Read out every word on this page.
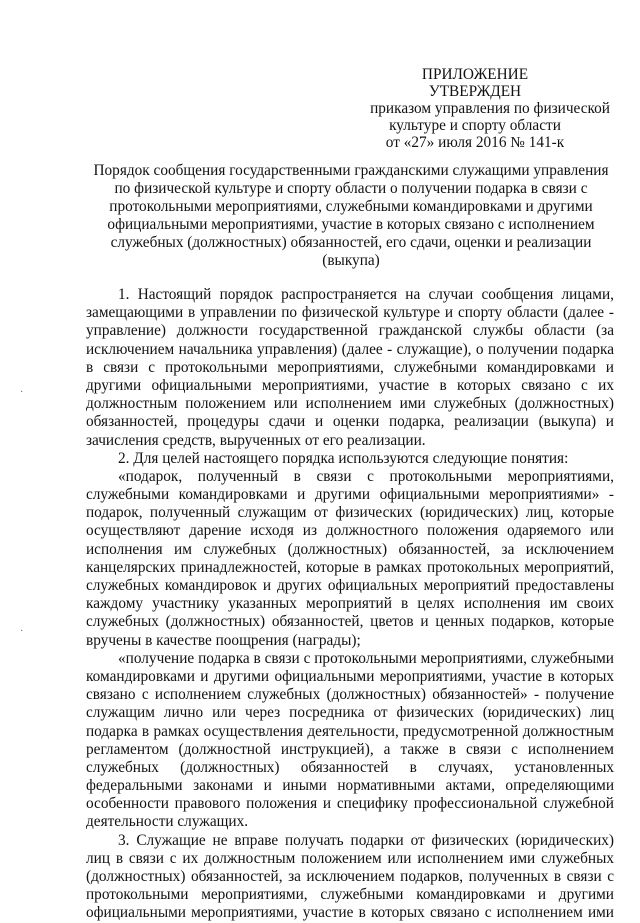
ПРИЛОЖЕНИЕ
УТВЕРЖДЕН
приказом управления по физической
культуре и спорту области
от «27» июля 2016 № 141-к
Порядок сообщения государственными гражданскими служащими управления по физической культуре и спорту области о получении подарка в связи с протокольными мероприятиями, служебными командировками и другими официальными мероприятиями, участие в которых связано с исполнением служебных (должностных) обязанностей, его сдачи, оценки и реализации (выкупа)

1. Настоящий порядок распространяется на случаи сообщения лицами, замещающими в управлении по физической культуре и спорту области (далее - управление) должности государственной гражданской службы области (за исключением начальника управления) (далее - служащие), о получении подарка в связи с протокольными мероприятиями, служебными командировками и другими официальными мероприятиями, участие в которых связано с их должностным положением или исполнением ими служебных (должностных) обязанностей, процедуры сдачи и оценки подарка, реализации (выкупа) и зачисления средств, вырученных от его реализации.

2. Для целей настоящего порядка используются следующие понятия:

«подарок, полученный в связи с протокольными мероприятиями, служебными командировками и другими официальными мероприятиями» - подарок, полученный служащим от физических (юридических) лиц, которые осуществляют дарение исходя из должностного положения одаряемого или исполнения им служебных (должностных) обязанностей, за исключением канцелярских принадлежностей, которые в рамках протокольных мероприятий, служебных командировок и других официальных мероприятий предоставлены каждому участнику указанных мероприятий в целях исполнения им своих служебных (должностных) обязанностей, цветов и ценных подарков, которые вручены в качестве поощрения (награды);

«получение подарка в связи с протокольными мероприятиями, служебными командировками и другими официальными мероприятиями, участие в которых связано с исполнением служебных (должностных) обязанностей» - получение служащим лично или через посредника от физических (юридических) лиц подарка в рамках осуществления деятельности, предусмотренной должностным регламентом (должностной инструкцией), а также в связи с исполнением служебных (должностных) обязанностей в случаях, установленных федеральными законами и иными нормативными актами, определяющими особенности правового положения и специфику профессиональной служебной деятельности служащих.

3. Служащие не вправе получать подарки от физических (юридических) лиц в связи с их должностным положением или исполнением ими служебных (должностных) обязанностей, за исключением подарков, полученных в связи с протокольными мероприятиями, служебными командировками и другими официальными мероприятиями, участие в которых связано с исполнением ими

·
·
